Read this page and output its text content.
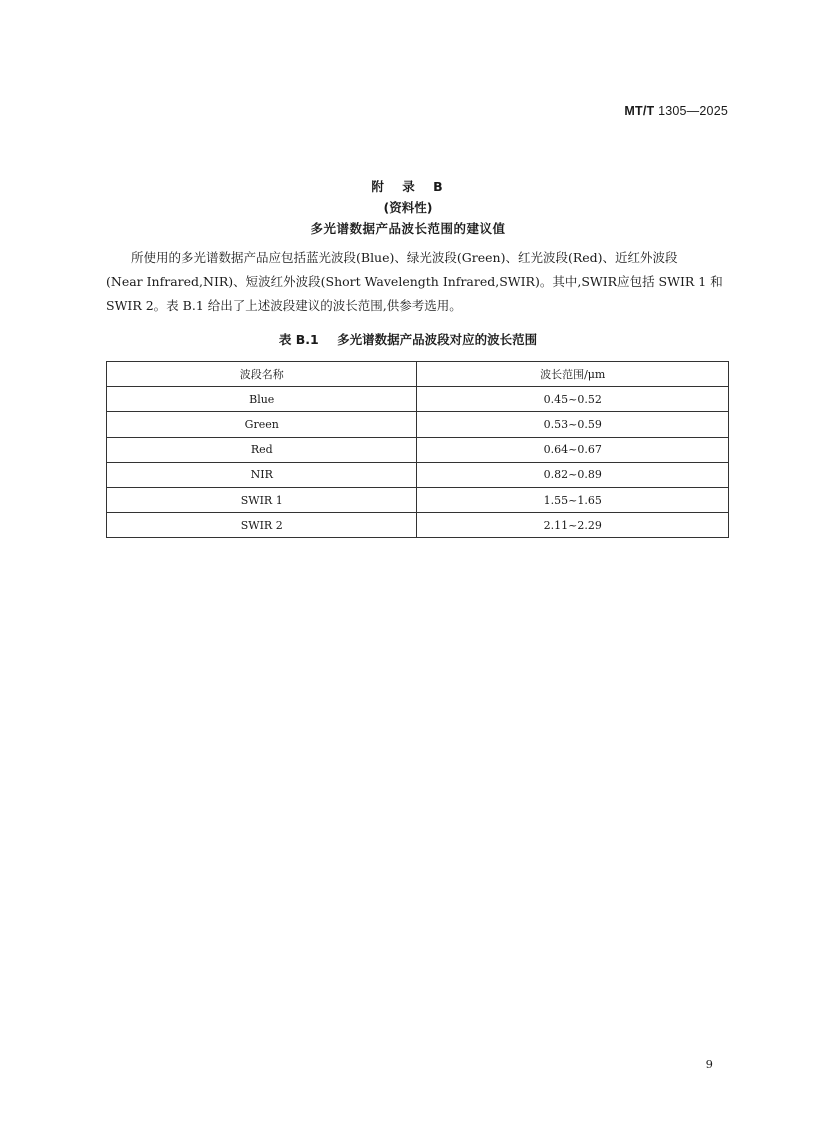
MT/T 1305—2025
附 录 B
(资料性)
多光谱数据产品波长范围的建议值
所使用的多光谱数据产品应包括蓝光波段(Blue)、绿光波段(Green)、红光波段(Red)、近红外波段
(Near Infrared,NIR)、短波红外波段(Short Wavelength Infrared,SWIR)。其中,SWIR应包括 SWIR 1 和
SWIR 2。表 B.1 给出了上述波段建议的波长范围,供参考选用。
表 B.1 多光谱数据产品波段对应的波长范围
波段名称	波长范围/μm
Blue	0.45~0.52
Green	0.53~0.59
Red	0.64~0.67
NIR	0.82~0.89
SWIR 1	1.55~1.65
SWIR 2	2.11~2.29
9
